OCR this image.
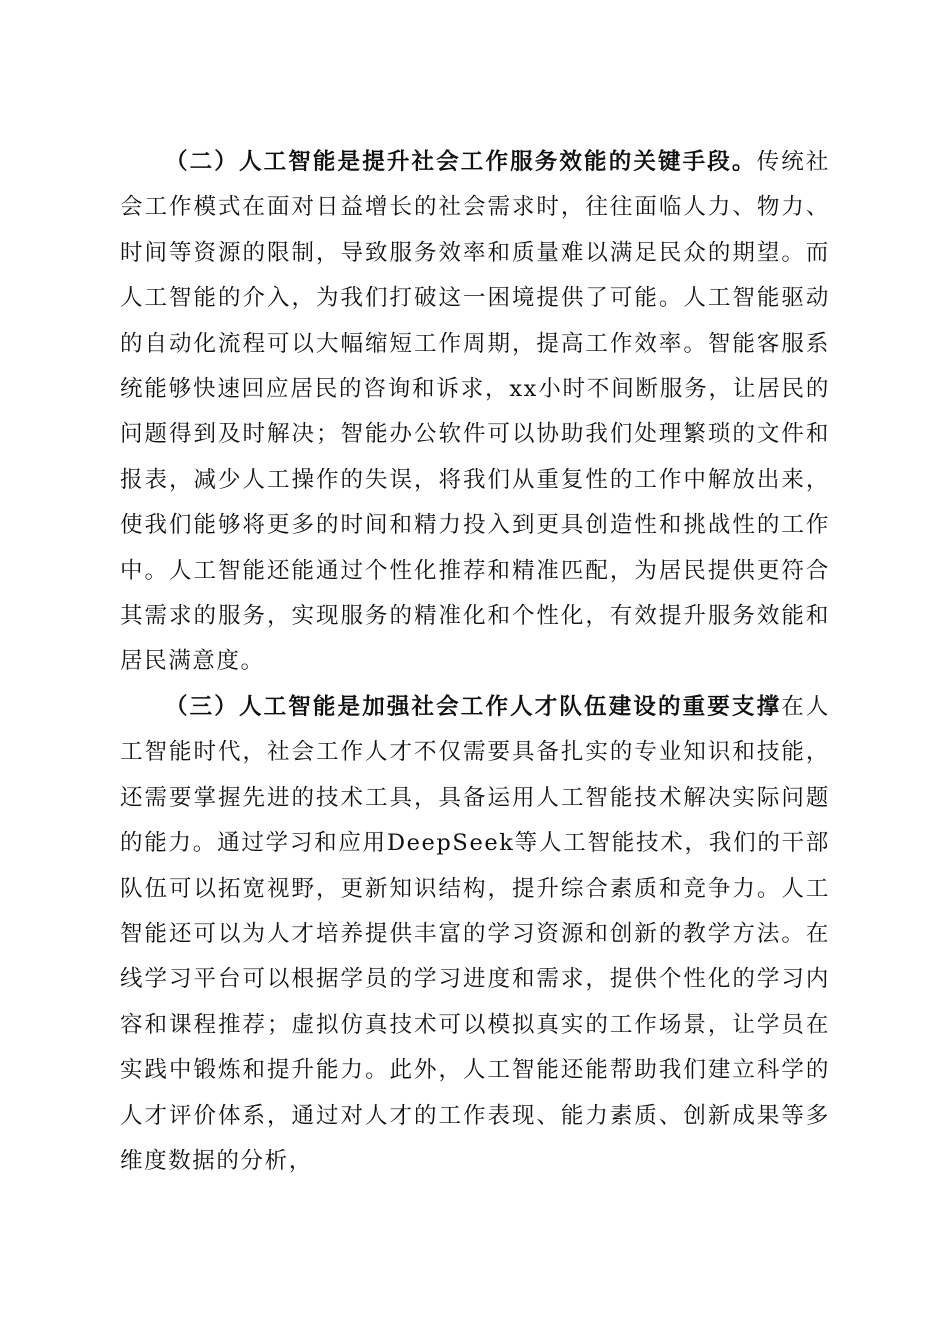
（二）人工智能是提升社会工作服务效能的关键手段。传统社会工作模式在面对日益增长的社会需求时，往往面临人力、物力、时间等资源的限制，导致服务效率和质量难以满足民众的期望。而人工智能的介入，为我们打破这一困境提供了可能。人工智能驱动的自动化流程可以大幅缩短工作周期，提高工作效率。智能客服系统能够快速回应居民的咨询和诉求，xx小时不间断服务，让居民的问题得到及时解决；智能办公软件可以协助我们处理繁琐的文件和报表，减少人工操作的失误，将我们从重复性的工作中解放出来，使我们能够将更多的时间和精力投入到更具创造性和挑战性的工作中。人工智能还能通过个性化推荐和精准匹配，为居民提供更符合其需求的服务，实现服务的精准化和个性化，有效提升服务效能和居民满意度。

（三）人工智能是加强社会工作人才队伍建设的重要支撑在人工智能时代，社会工作人才不仅需要具备扎实的专业知识和技能，还需要掌握先进的技术工具，具备运用人工智能技术解决实际问题的能力。通过学习和应用DeepSeek等人工智能技术，我们的干部队伍可以拓宽视野，更新知识结构，提升综合素质和竞争力。人工智能还可以为人才培养提供丰富的学习资源和创新的教学方法。在线学习平台可以根据学员的学习进度和需求，提供个性化的学习内容和课程推荐；虚拟仿真技术可以模拟真实的工作场景，让学员在实践中锻炼和提升能力。此外，人工智能还能帮助我们建立科学的人才评价体系，通过对人才的工作表现、能力素质、创新成果等多维度数据的分析，
